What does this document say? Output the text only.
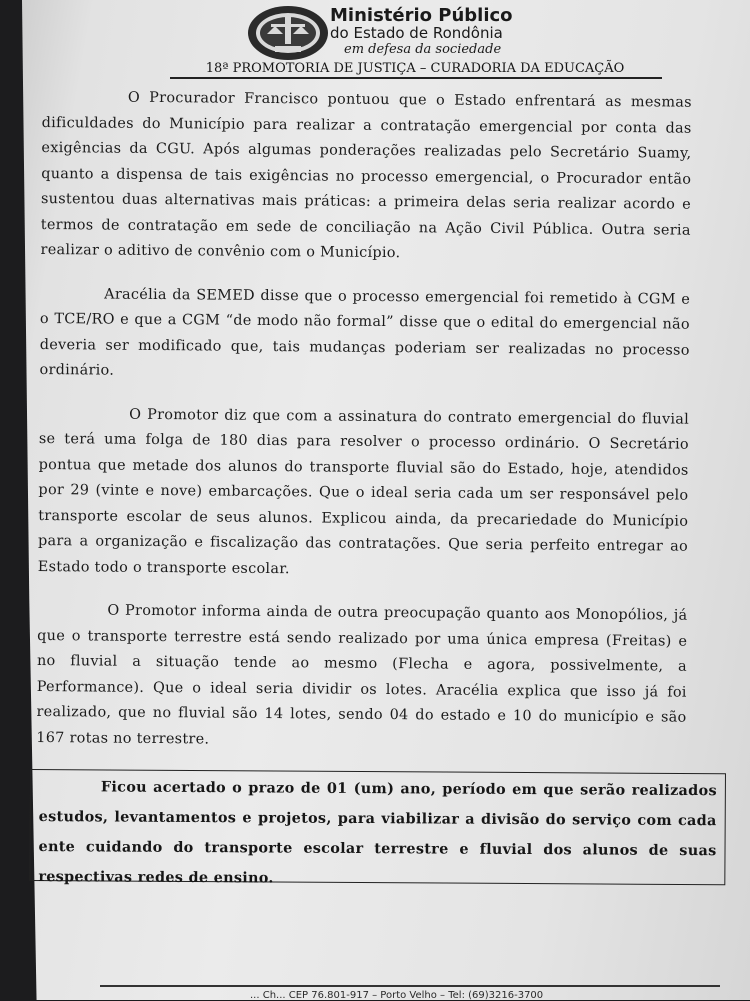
Ministério Público
do Estado de Rondônia
em defesa da sociedade
18ª PROMOTORIA DE JUSTIÇA – CURADORIA DA EDUCAÇÃO

O Procurador Francisco pontuou que o Estado enfrentará as mesmas dificuldades do Município para realizar a contratação emergencial por conta das exigências da CGU. Após algumas ponderações realizadas pelo Secretário Suamy, quanto a dispensa de tais exigências no processo emergencial, o Procurador então sustentou duas alternativas mais práticas: a primeira delas seria realizar acordo e termos de contratação em sede de conciliação na Ação Civil Pública. Outra seria realizar o aditivo de convênio com o Município.

Aracélia da SEMED disse que o processo emergencial foi remetido à CGM e o TCE/RO e que a CGM “de modo não formal” disse que o edital do emergencial não deveria ser modificado que, tais mudanças poderiam ser realizadas no processo ordinário.

O Promotor diz que com a assinatura do contrato emergencial do fluvial se terá uma folga de 180 dias para resolver o processo ordinário. O Secretário pontua que metade dos alunos do transporte fluvial são do Estado, hoje, atendidos por 29 (vinte e nove) embarcações. Que o ideal seria cada um ser responsável pelo transporte escolar de seus alunos. Explicou ainda, da precariedade do Município para a organização e fiscalização das contratações. Que seria perfeito entregar ao Estado todo o transporte escolar.

O Promotor informa ainda de outra preocupação quanto aos Monopólios, já que o transporte terrestre está sendo realizado por uma única empresa (Freitas) e no fluvial a situação tende ao mesmo (Flecha e agora, possivelmente, a Performance). Que o ideal seria dividir os lotes. Aracélia explica que isso já foi realizado, que no fluvial são 14 lotes, sendo 04 do estado e 10 do município e são 167 rotas no terrestre.

Ficou acertado o prazo de 01 (um) ano, período em que serão realizados estudos, levantamentos e projetos, para viabilizar a divisão do serviço com cada ente cuidando do transporte escolar terrestre e fluvial dos alunos de suas respectivas redes de ensino.

... Ch... CEP 76.801-917 – Porto Velho – Tel: (69)3216-3700
